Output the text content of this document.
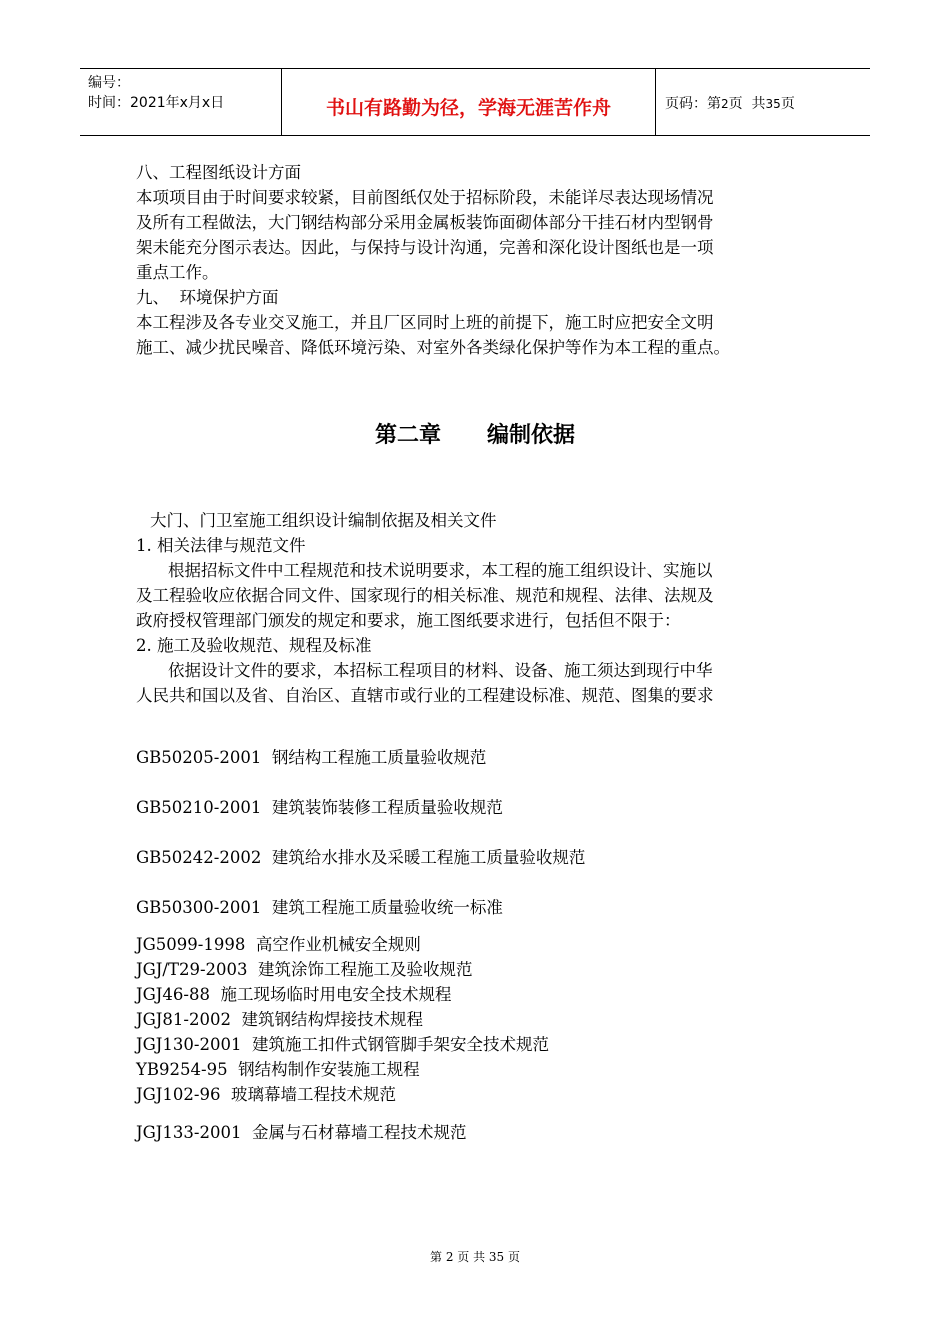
编号：
时间：2021年x月x日	书山有路勤为径，学海无涯苦作舟	页码：第2页  共35页

八、工程图纸设计方面

本项项目由于时间要求较紧，目前图纸仅处于招标阶段，未能详尽表达现场情况

及所有工程做法，大门钢结构部分采用金属板装饰面砌体部分干挂石材内型钢骨

架未能充分图示表达。因此，与保持与设计沟通，完善和深化设计图纸也是一项

重点工作。

九、  环境保护方面

本工程涉及各专业交叉施工，并且厂区同时上班的前提下，施工时应把安全文明

施工、减少扰民噪音、降低环境污染、对室外各类绿化保护等作为本工程的重点。

第二章 编制依据

大门、门卫室施工组织设计编制依据及相关文件

1. 相关法律与规范文件

根据招标文件中工程规范和技术说明要求，本工程的施工组织设计、实施以

及工程验收应依据合同文件、国家现行的相关标准、规范和规程、法律、法规及

政府授权管理部门颁发的规定和要求，施工图纸要求进行，包括但不限于：

2. 施工及验收规范、规程及标准

依据设计文件的要求，本招标工程项目的材料、设备、施工须达到现行中华

人民共和国以及省、自治区、直辖市或行业的工程建设标准、规范、图集的要求

GB50205-2001  钢结构工程施工质量验收规范

GB50210-2001  建筑装饰装修工程质量验收规范

GB50242-2002  建筑给水排水及采暖工程施工质量验收规范

GB50300-2001  建筑工程施工质量验收统一标准

JG5099-1998  高空作业机械安全规则

JGJ/T29-2003  建筑涂饰工程施工及验收规范

JGJ46-88  施工现场临时用电安全技术规程

JGJ81-2002  建筑钢结构焊接技术规程

JGJ130-2001  建筑施工扣件式钢管脚手架安全技术规范

YB9254-95  钢结构制作安装施工规程

JGJ102-96  玻璃幕墙工程技术规范

JGJ133-2001  金属与石材幕墙工程技术规范

第 2 页 共 35 页
